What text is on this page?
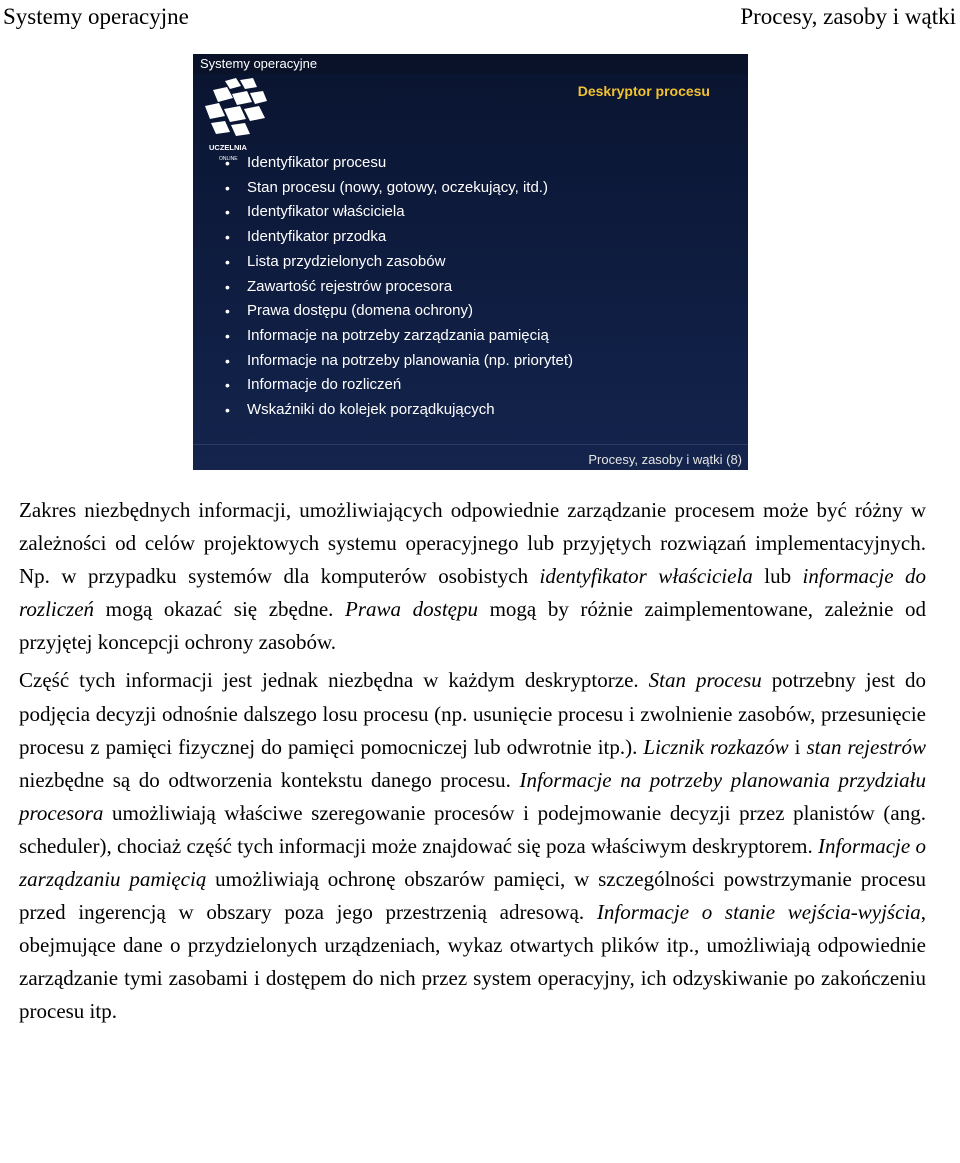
Systemy operacyjne	Procesy, zasoby i wątki
Systemy operacyjne
UCZELNIA
ONLINE
Deskryptor procesu
• Identyfikator procesu
• Stan procesu (nowy, gotowy, oczekujący, itd.)
• Identyfikator właściciela
• Identyfikator przodka
• Lista przydzielonych zasobów
• Zawartość rejestrów procesora
• Prawa dostępu (domena ochrony)
• Informacje na potrzeby zarządzania pamięcią
• Informacje na potrzeby planowania (np. priorytet)
• Informacje do rozliczeń
• Wskaźniki do kolejek porządkujących
Procesy, zasoby i wątki (8)

Zakres niezbędnych informacji, umożliwiających odpowiednie zarządzanie procesem może być różny w zależności od celów projektowych systemu operacyjnego lub przyjętych rozwiązań implementacyjnych. Np. w przypadku systemów dla komputerów osobistych identyfikator właściciela lub informacje do rozliczeń mogą okazać się zbędne. Prawa dostępu mogą by różnie zaimplementowane, zależnie od przyjętej koncepcji ochrony zasobów.

Część tych informacji jest jednak niezbędna w każdym deskryptorze. Stan procesu potrzebny jest do podjęcia decyzji odnośnie dalszego losu procesu (np. usunięcie procesu i zwolnienie zasobów, przesunięcie procesu z pamięci fizycznej do pamięci pomocniczej lub odwrotnie itp.). Licznik rozkazów i stan rejestrów niezbędne są do odtworzenia kontekstu danego procesu. Informacje na potrzeby planowania przydziału procesora umożliwiają właściwe szeregowanie procesów i podejmowanie decyzji przez planistów (ang. scheduler), chociaż część tych informacji może znajdować się poza właściwym deskryptorem. Informacje o zarządzaniu pamięcią umożliwiają ochronę obszarów pamięci, w szczególności powstrzymanie procesu przed ingerencją w obszary poza jego przestrzenią adresową. Informacje o stanie wejścia-wyjścia, obejmujące dane o przydzielonych urządzeniach, wykaz otwartych plików itp., umożliwiają odpowiednie zarządzanie tymi zasobami i dostępem do nich przez system operacyjny, ich odzyskiwanie po zakończeniu procesu itp.
